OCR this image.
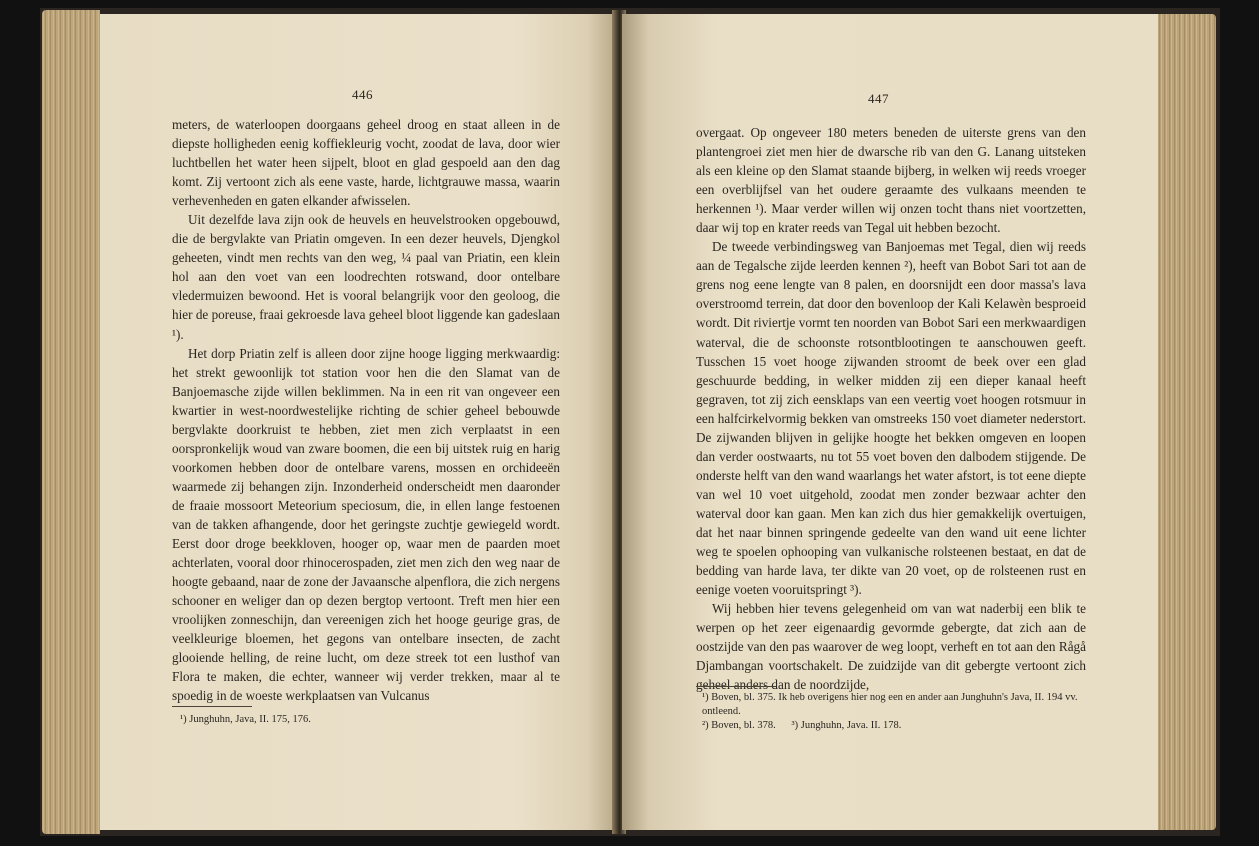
446

meters, de waterloopen doorgaans geheel droog en staat alleen in de diepste holligheden eenig koffiekleurig vocht, zoodat de lava, door wier luchtbellen het water heen sijpelt, bloot en glad gespoeld aan den dag komt. Zij vertoont zich als eene vaste, harde, lichtgrauwe massa, waarin verhevenheden en gaten elkander afwisselen.

Uit dezelfde lava zijn ook de heuvels en heuvelstrooken opgebouwd, die de bergvlakte van Priatin omgeven. In een dezer heuvels, Djengkol geheeten, vindt men rechts van den weg, ¼ paal van Priatin, een klein hol aan den voet van een loodrechten rotswand, door ontelbare vledermuizen bewoond. Het is vooral belangrijk voor den geoloog, die hier de poreuse, fraai gekroesde lava geheel bloot liggende kan gadeslaan ¹).

Het dorp Priatin zelf is alleen door zijne hooge ligging merkwaardig: het strekt gewoonlijk tot station voor hen die den Slamat van de Banjoemasche zijde willen beklimmen. Na in een rit van ongeveer een kwartier in west-noordwestelijke richting de schier geheel bebouwde bergvlakte doorkruist te hebben, ziet men zich verplaatst in een oorspronkelijk woud van zware boomen, die een bij uitstek ruig en harig voorkomen hebben door de ontelbare varens, mossen en orchideeën waarmede zij behangen zijn. Inzonderheid onderscheidt men daaronder de fraaie mossoort Meteorium speciosum, die, in ellen lange festoenen van de takken afhangende, door het geringste zuchtje gewiegeld wordt. Eerst door droge beekkloven, hooger op, waar men de paarden moet achterlaten, vooral door rhinocerospaden, ziet men zich den weg naar de hoogte gebaand, naar de zone der Javaansche alpenflora, die zich nergens schooner en weliger dan op dezen bergtop vertoont. Treft men hier een vroolijken zonneschijn, dan vereenigen zich het hooge geurige gras, de veelkleurige bloemen, het gegons van ontelbare insecten, de zacht glooiende helling, de reine lucht, om deze streek tot een lusthof van Flora te maken, die echter, wanneer wij verder trekken, maar al te spoedig in de woeste werkplaatsen van Vulcanus

¹) Junghuhn, Java, II. 175, 176.
447

overgaat. Op ongeveer 180 meters beneden de uiterste grens van den plantengroei ziet men hier de dwarsche rib van den G. Lanang uitsteken als een kleine op den Slamat staande bijberg, in welken wij reeds vroeger een overblijfsel van het oudere geraamte des vulkaans meenden te herkennen ¹). Maar verder willen wij onzen tocht thans niet voortzetten, daar wij top en krater reeds van Tegal uit hebben bezocht.

De tweede verbindingsweg van Banjoemas met Tegal, dien wij reeds aan de Tegalsche zijde leerden kennen ²), heeft van Bobot Sari tot aan de grens nog eene lengte van 8 palen, en doorsnijdt een door massa's lava overstroomd terrein, dat door den bovenloop der Kali Kelawèn besproeid wordt. Dit riviertje vormt ten noorden van Bobot Sari een merkwaardigen waterval, die de schoonste rotsontblootingen te aanschouwen geeft. Tusschen 15 voet hooge zijwanden stroomt de beek over een glad geschuurde bedding, in welker midden zij een dieper kanaal heeft gegraven, tot zij zich eensklaps van een veertig voet hoogen rotsmuur in een halfcirkelvormig bekken van omstreeks 150 voet diameter nederstort. De zijwanden blijven in gelijke hoogte het bekken omgeven en loopen dan verder oostwaarts, nu tot 55 voet boven den dalbodem stijgende. De onderste helft van den wand waarlangs het water afstort, is tot eene diepte van wel 10 voet uitgehold, zoodat men zonder bezwaar achter den waterval door kan gaan. Men kan zich dus hier gemakkelijk overtuigen, dat het naar binnen springende gedeelte van den wand uit eene lichter weg te spoelen ophooping van vulkanische rolsteenen bestaat, en dat de bedding van harde lava, ter dikte van 20 voet, op de rolsteenen rust en eenige voeten vooruitspringt ³).

Wij hebben hier tevens gelegenheid om van wat naderbij een blik te werpen op het zeer eigenaardig gevormde gebergte, dat zich aan de oostzijde van den pas waarover de weg loopt, verheft en tot aan den Rågå Djambangan voortschakelt. De zuidzijde van dit gebergte vertoont zich geheel anders dan de noordzijde,

¹) Boven, bl. 375. Ik heb overigens hier nog een en ander aan Junghuhn's Java, II. 194 vv. ontleend.
²) Boven, bl. 378.      ³) Junghuhn, Java. II. 178.
